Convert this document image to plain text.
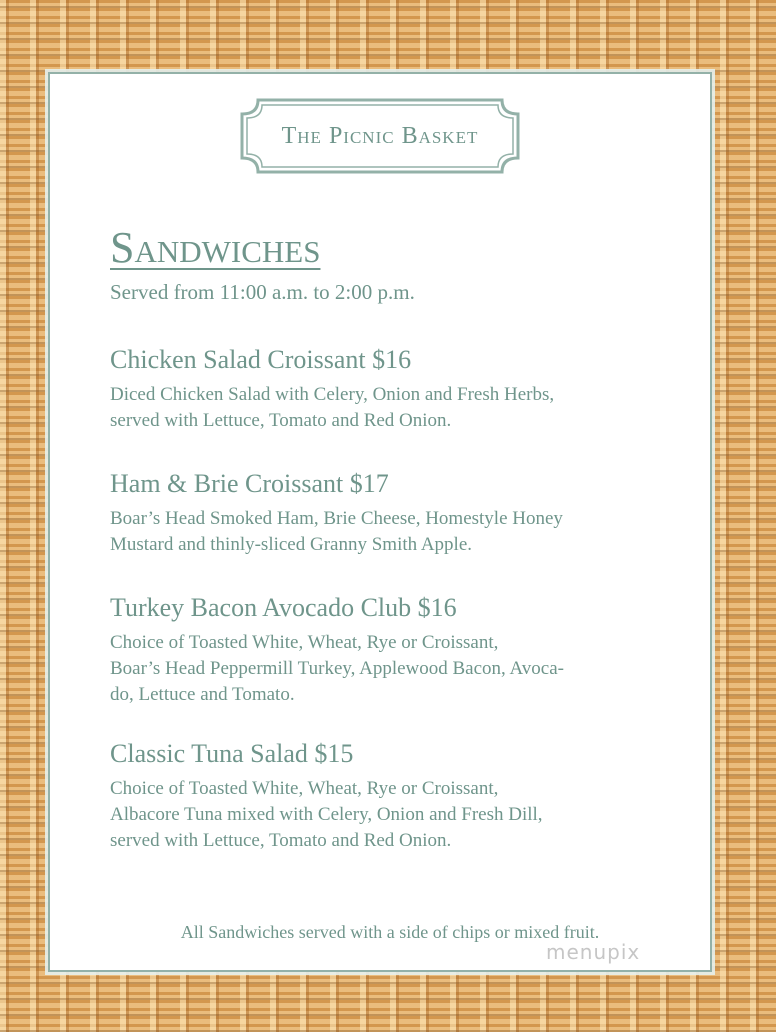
The Picnic Basket
Sandwiches
Served from 11:00 a.m. to 2:00 p.m.
Chicken Salad Croissant $16

Diced Chicken Salad with Celery, Onion and Fresh Herbs,
served with Lettuce, Tomato and Red Onion.

Ham & Brie Croissant $17

Boar’s Head Smoked Ham, Brie Cheese, Homestyle Honey
Mustard and thinly-sliced Granny Smith Apple.

Turkey Bacon Avocado Club $16

Choice of Toasted White, Wheat, Rye or Croissant,
Boar’s Head Peppermill Turkey, Applewood Bacon, Avoca-
do, Lettuce and Tomato.

Classic Tuna Salad $15

Choice of Toasted White, Wheat, Rye or Croissant,
Albacore Tuna mixed with Celery, Onion and Fresh Dill,
served with Lettuce, Tomato and Red Onion.

All Sandwiches served with a side of chips or mixed fruit.
menupix
